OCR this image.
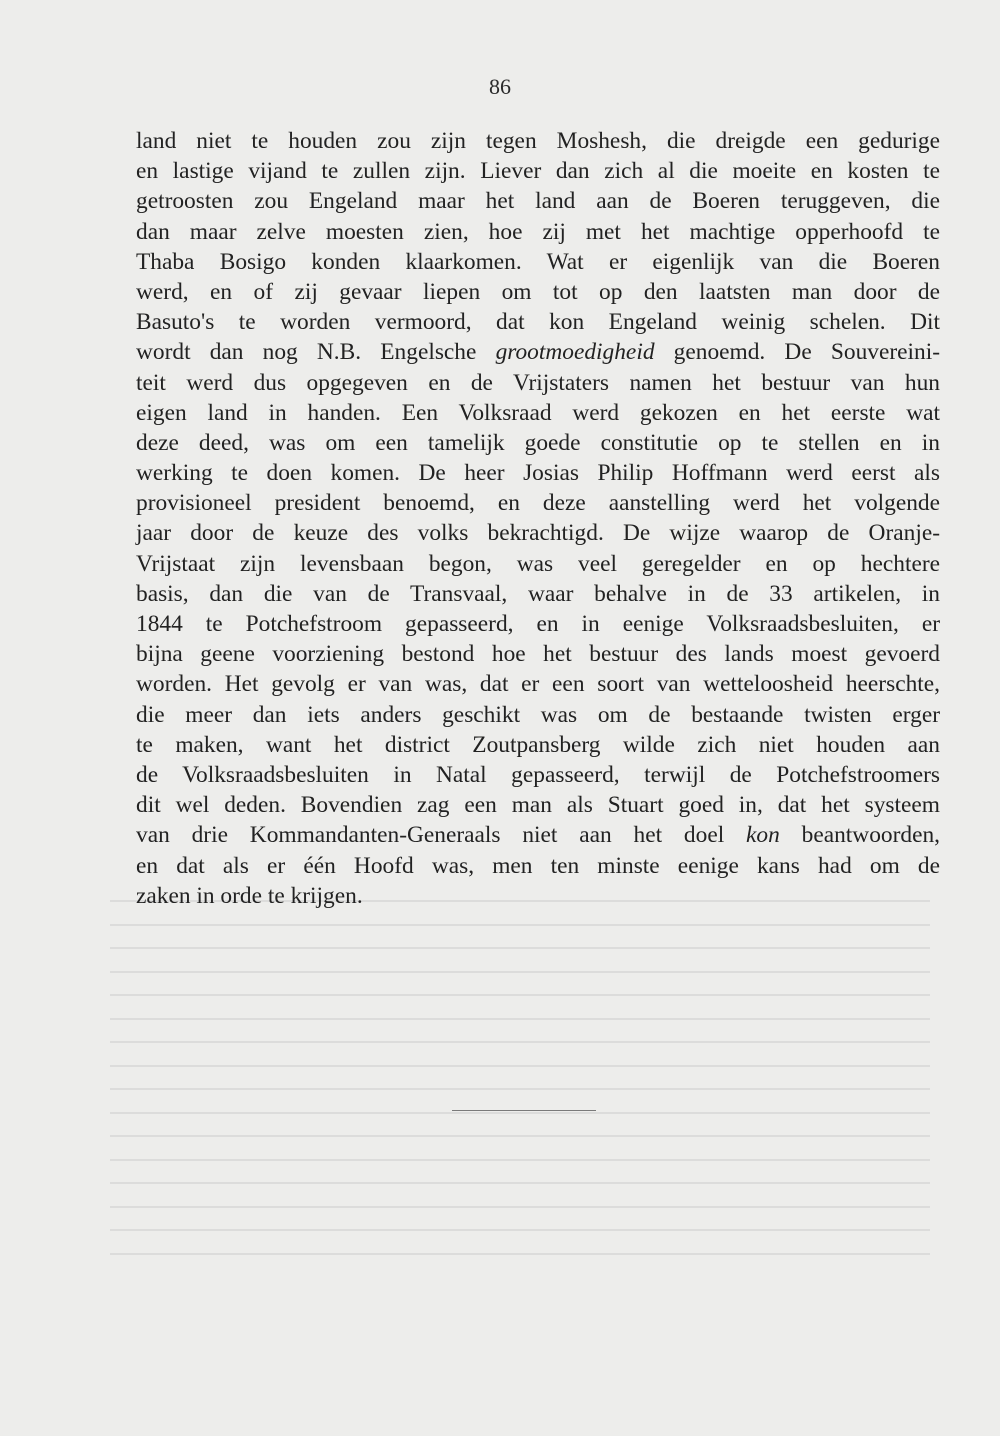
86
land niet te houden zou zijn tegen Moshesh, die dreigde een gedurige
en lastige vijand te zullen zijn. Liever dan zich al die moeite en kosten te
getroosten zou Engeland maar het land aan de Boeren teruggeven, die
dan maar zelve moesten zien, hoe zij met het machtige opperhoofd te
Thaba Bosigo konden klaarkomen. Wat er eigenlijk van die Boeren
werd, en of zij gevaar liepen om tot op den laatsten man door de
Basuto's te worden vermoord, dat kon Engeland weinig schelen. Dit
wordt dan nog N.B. Engelsche grootmoedigheid genoemd. De Souvereini-
teit werd dus opgegeven en de Vrijstaters namen het bestuur van hun
eigen land in handen. Een Volksraad werd gekozen en het eerste wat
deze deed, was om een tamelijk goede constitutie op te stellen en in
werking te doen komen. De heer Josias Philip Hoffmann werd eerst als
provisioneel president benoemd, en deze aanstelling werd het volgende
jaar door de keuze des volks bekrachtigd. De wijze waarop de Oranje-
Vrijstaat zijn levensbaan begon, was veel geregelder en op hechtere
basis, dan die van de Transvaal, waar behalve in de 33 artikelen, in
1844 te Potchefstroom gepasseerd, en in eenige Volksraadsbesluiten, er
bijna geene voorziening bestond hoe het bestuur des lands moest gevoerd
worden. Het gevolg er van was, dat er een soort van wetteloosheid heerschte,
die meer dan iets anders geschikt was om de bestaande twisten erger
te maken, want het district Zoutpansberg wilde zich niet houden aan
de Volksraadsbesluiten in Natal gepasseerd, terwijl de Potchefstroomers
dit wel deden. Bovendien zag een man als Stuart goed in, dat het systeem
van drie Kommandanten-Generaals niet aan het doel kon beantwoorden,
en dat als er één Hoofd was, men ten minste eenige kans had om de
zaken in orde te krijgen.
